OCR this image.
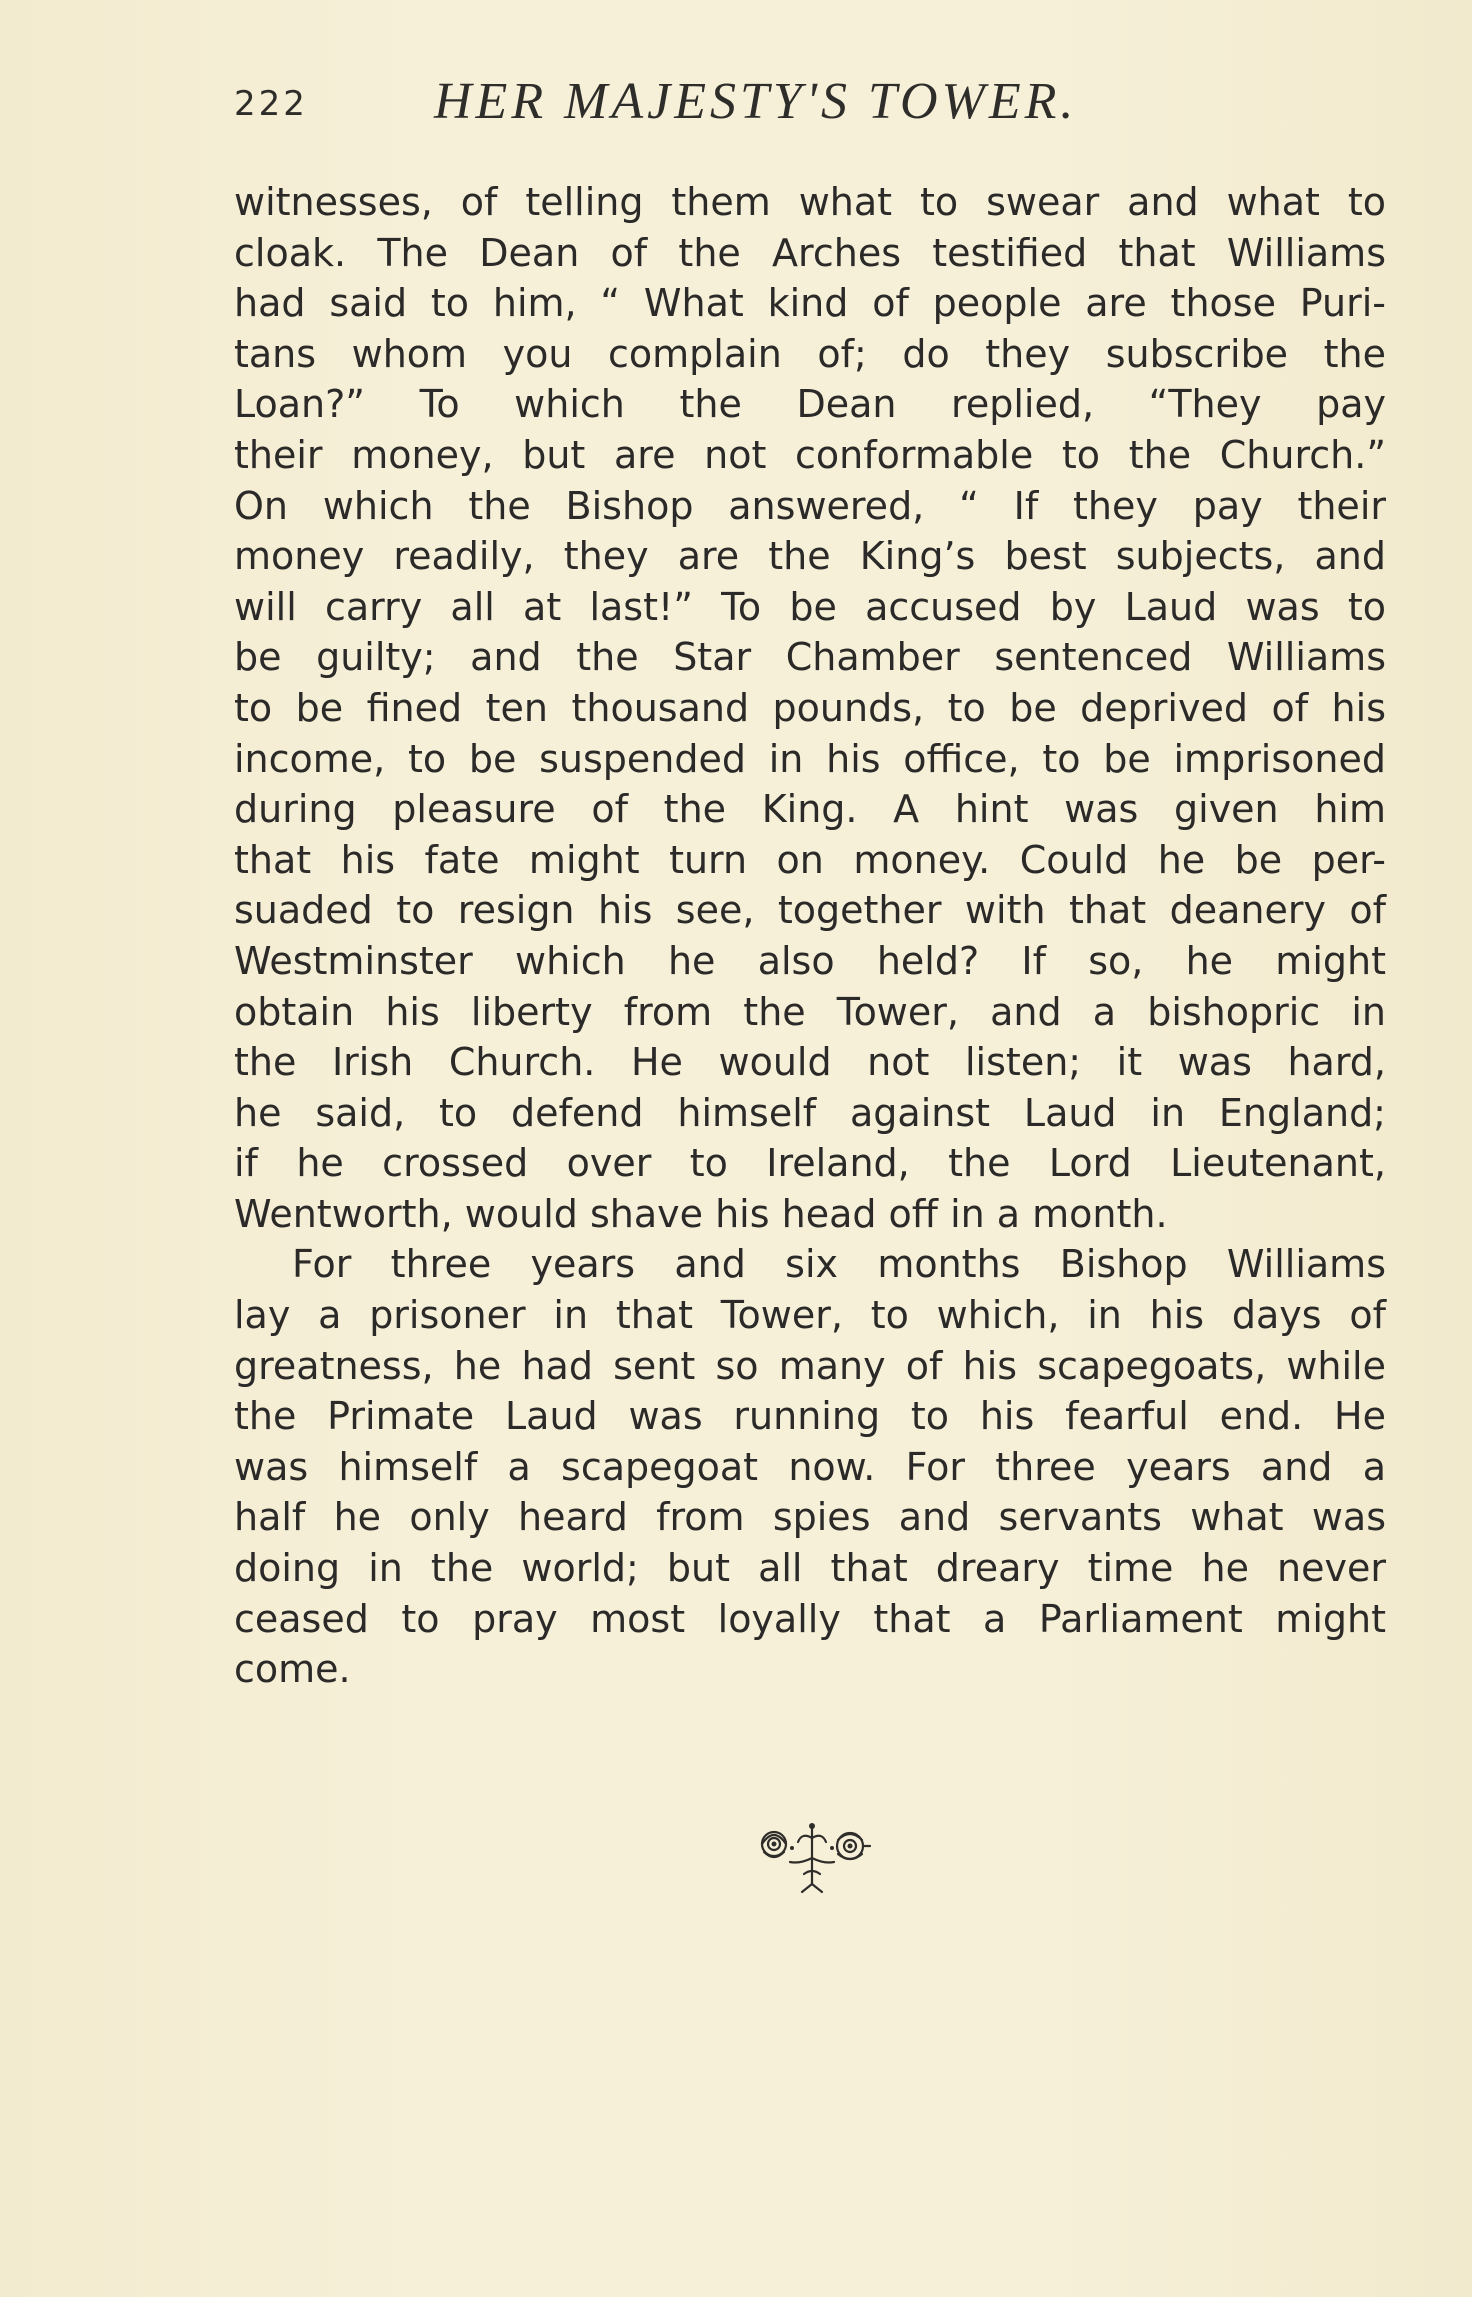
222 HER MAJESTY'S TOWER.
witnesses, of telling them what to swear and what to
cloak. The Dean of the Arches testified that Williams
had said to him, “ What kind of people are those Puri-
tans whom you complain of; do they subscribe the
Loan?” To which the Dean replied, “They pay
their money, but are not conformable to the Church.”
On which the Bishop answered, “ If they pay their
money readily, they are the King’s best subjects, and
will carry all at last!” To be accused by Laud was to
be guilty; and the Star Chamber sentenced Williams
to be fined ten thousand pounds, to be deprived of his
income, to be suspended in his office, to be imprisoned
during pleasure of the King. A hint was given him
that his fate might turn on money. Could he be per-
suaded to resign his see, together with that deanery of
Westminster which he also held? If so, he might
obtain his liberty from the Tower, and a bishopric in
the Irish Church. He would not listen; it was hard,
he said, to defend himself against Laud in England;
if he crossed over to Ireland, the Lord Lieutenant,
Wentworth, would shave his head off in a month.
For three years and six months Bishop Williams
lay a prisoner in that Tower, to which, in his days of
greatness, he had sent so many of his scapegoats, while
the Primate Laud was running to his fearful end. He
was himself a scapegoat now. For three years and a
half he only heard from spies and servants what was
doing in the world; but all that dreary time he never
ceased to pray most loyally that a Parliament might
come.
